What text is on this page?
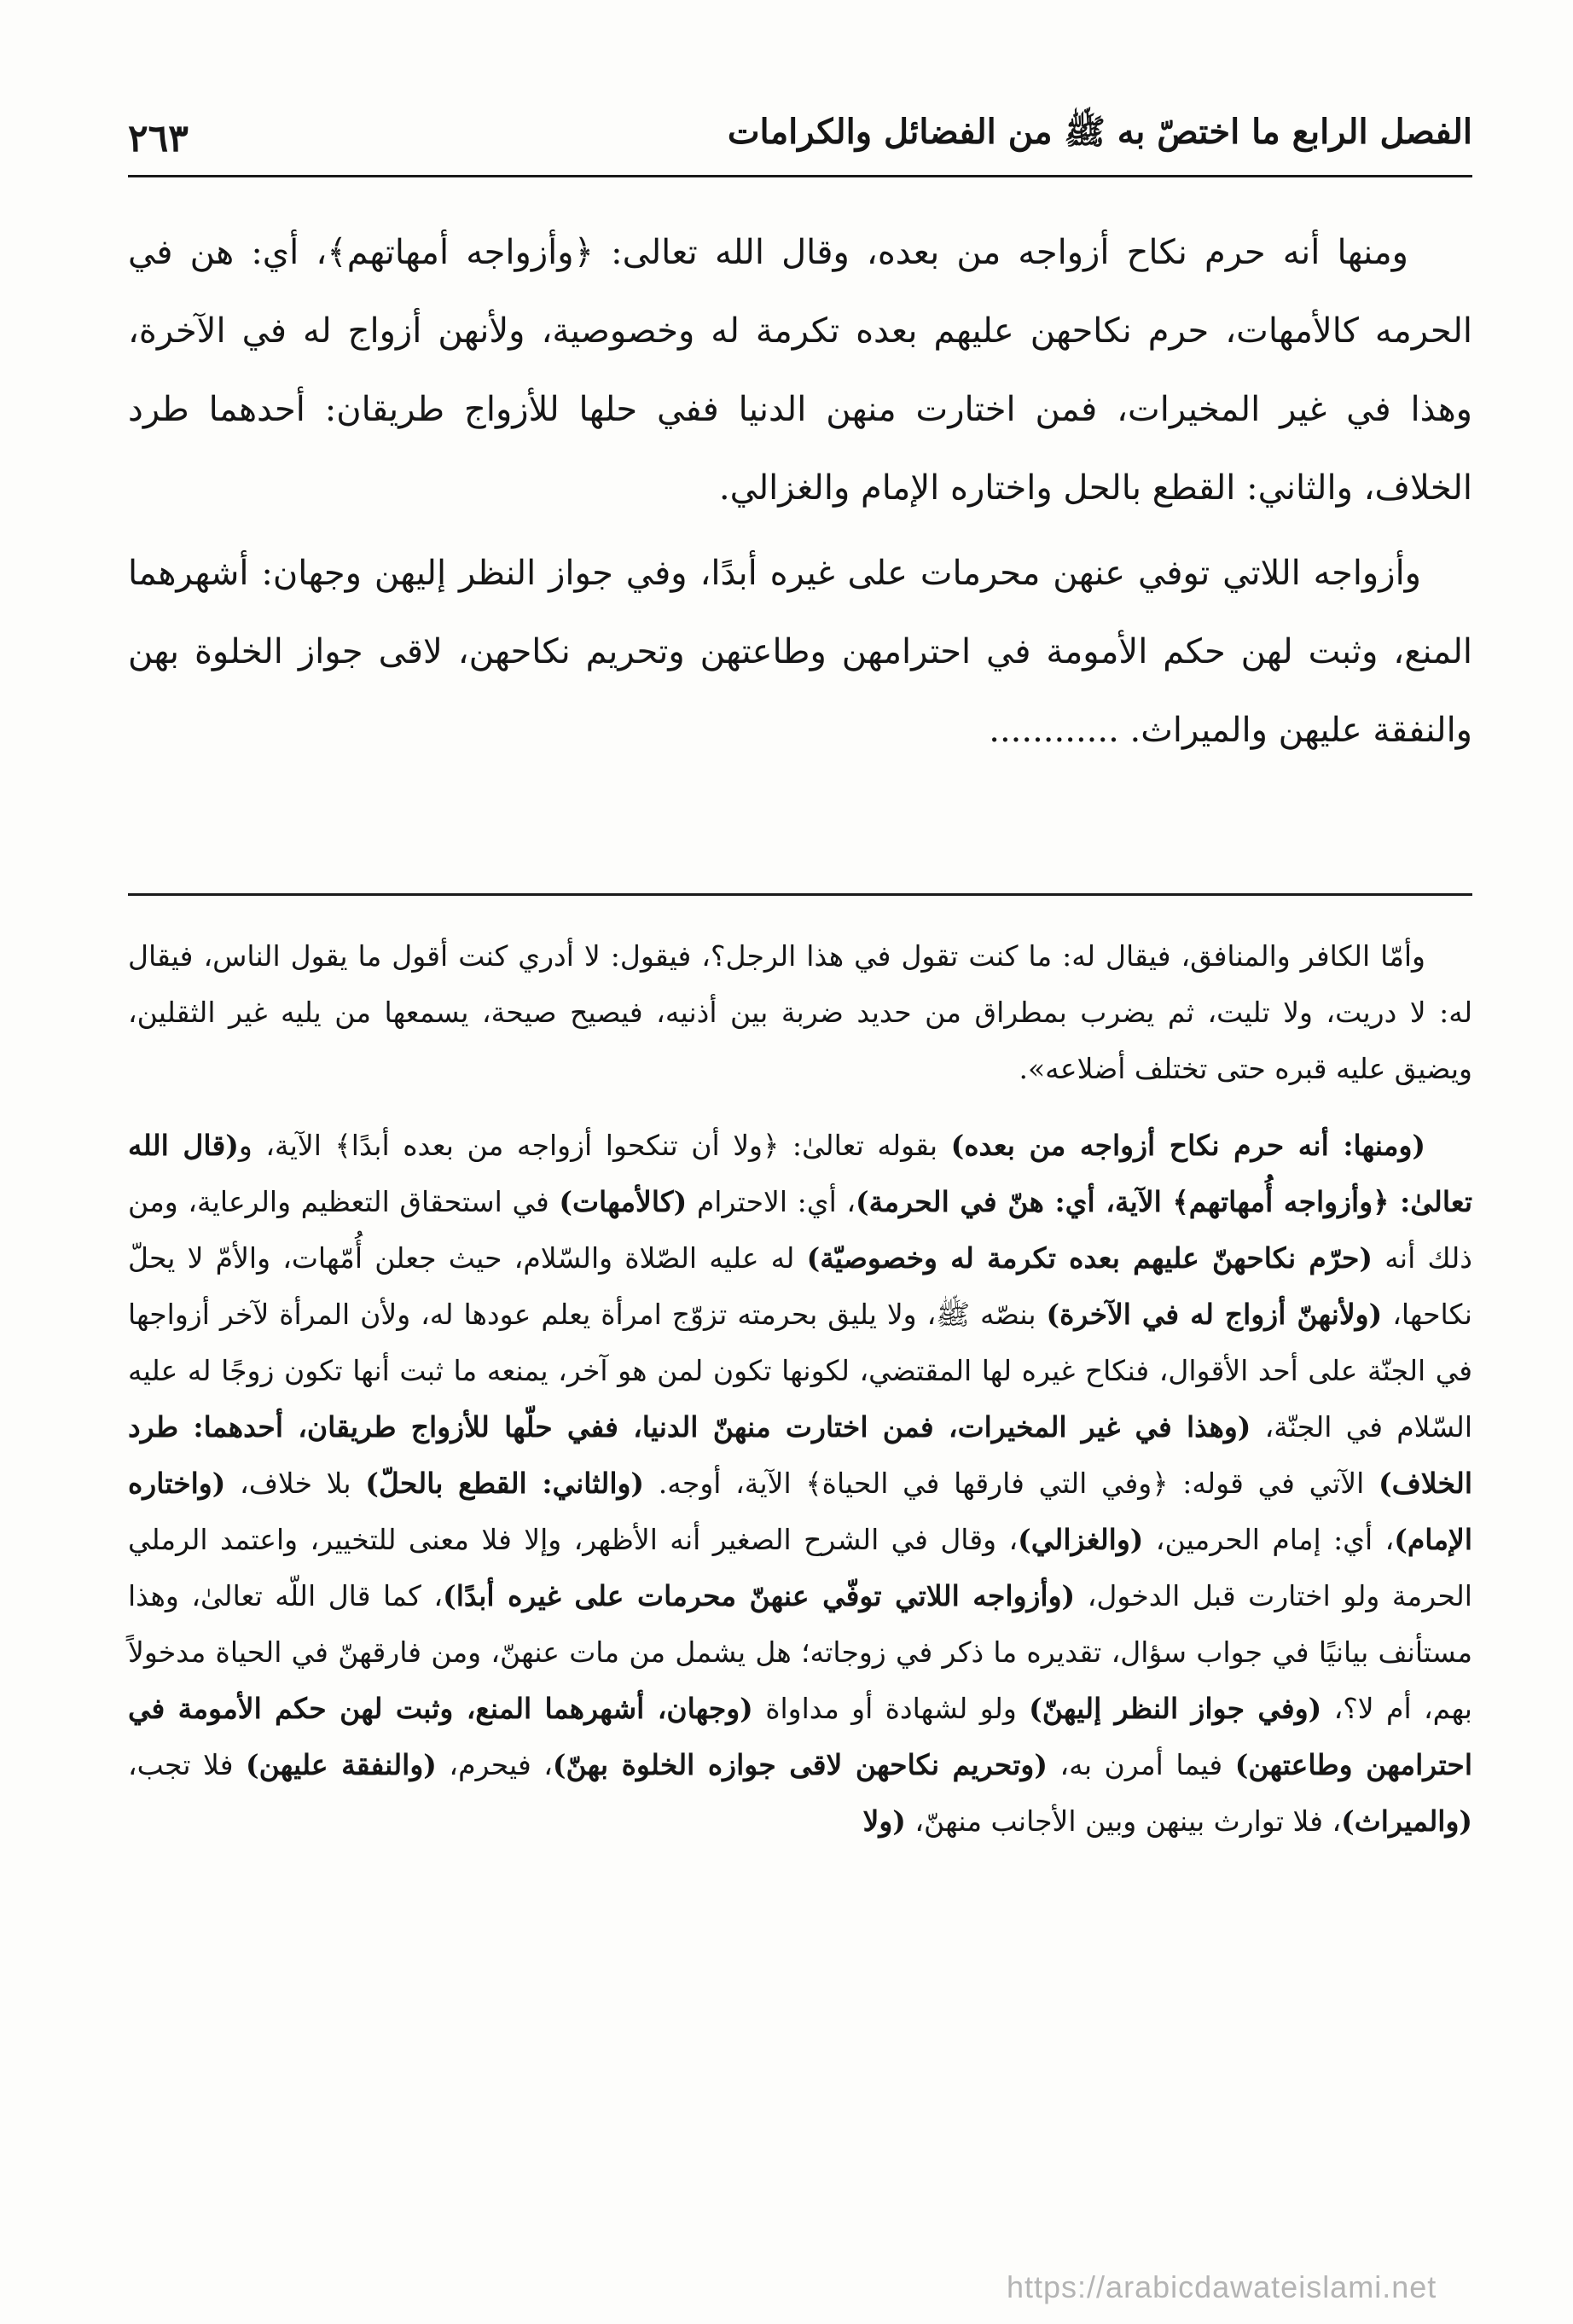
الفصل الرابع ما اختصّ به ﷺ من الفضائل والكرامات
٢٦٣

ومنها أنه حرم نكاح أزواجه من بعده، وقال الله تعالى: ﴿وأزواجه أمهاتهم﴾، أي: هن في الحرمه كالأمهات، حرم نكاحهن عليهم بعده تكرمة له وخصوصية، ولأنهن أزواج له في الآخرة، وهذا في غير المخيرات، فمن اختارت منهن الدنيا ففي حلها للأزواج طريقان: أحدهما طرد الخلاف، والثاني: القطع بالحل واختاره الإمام والغزالي.

وأزواجه اللاتي توفي عنهن محرمات على غيره أبدًا، وفي جواز النظر إليهن وجهان: أشهرهما المنع، وثبت لهن حكم الأمومة في احترامهن وطاعتهن وتحريم نكاحهن، لاقى جواز الخلوة بهن والنفقة عليهن والميراث. ............

وأمّا الكافر والمنافق، فيقال له: ما كنت تقول في هذا الرجل؟، فيقول: لا أدري كنت أقول ما يقول الناس، فيقال له: لا دريت، ولا تليت، ثم يضرب بمطراق من حديد ضربة بين أذنيه، فيصيح صيحة، يسمعها من يليه غير الثقلين، ويضيق عليه قبره حتى تختلف أضلاعه».

(ومنها: أنه حرم نكاح أزواجه من بعده) بقوله تعالىٰ: ﴿ولا أن تنكحوا أزواجه من بعده أبدًا﴾ الآية، و(قال الله تعالىٰ: ﴿وأزواجه أُمهاتهم﴾ الآية، أي: هنّ في الحرمة)، أي: الاحترام (كالأمهات) في استحقاق التعظيم والرعاية، ومن ذلك أنه (حرّم نكاحهنّ عليهم بعده تكرمة له وخصوصيّة) له عليه الصّلاة والسّلام، حيث جعلن أُمّهات، والأمّ لا يحلّ نكاحها، (ولأنهنّ أزواج له في الآخرة) بنصّه ﷺ، ولا يليق بحرمته تزوّج امرأة يعلم عودها له، ولأن المرأة لآخر أزواجها في الجنّة على أحد الأقوال، فنكاح غيره لها المقتضي، لكونها تكون لمن هو آخر، يمنعه ما ثبت أنها تكون زوجًا له عليه السّلام في الجنّة، (وهذا في غير المخيرات، فمن اختارت منهنّ الدنيا، ففي حلّها للأزواج طريقان، أحدهما: طرد الخلاف) الآتي في قوله: ﴿وفي التي فارقها في الحياة﴾ الآية، أوجه. (والثاني: القطع بالحلّ) بلا خلاف، (واختاره الإمام)، أي: إمام الحرمين، (والغزالي)، وقال في الشرح الصغير أنه الأظهر، وإلا فلا معنى للتخيير، واعتمد الرملي الحرمة ولو اختارت قبل الدخول، (وأزواجه اللاتي توفّي عنهنّ محرمات على غيره أبدًا)، كما قال اللّه تعالىٰ، وهذا مستأنف بيانيًا في جواب سؤال، تقديره ما ذكر في زوجاته؛ هل يشمل من مات عنهنّ، ومن فارقهنّ في الحياة مدخولاً بهم، أم لا؟، (وفي جواز النظر إليهنّ) ولو لشهادة أو مداواة (وجهان، أشهرهما المنع، وثبت لهن حكم الأمومة في احترامهن وطاعتهن) فيما أمرن به، (وتحريم نكاحهن لاقى جوازه الخلوة بهنّ)، فيحرم، (والنفقة عليهن) فلا تجب، (والميراث)، فلا توارث بينهن وبين الأجانب منهنّ، (ولا

https://arabicdawateislami.net
